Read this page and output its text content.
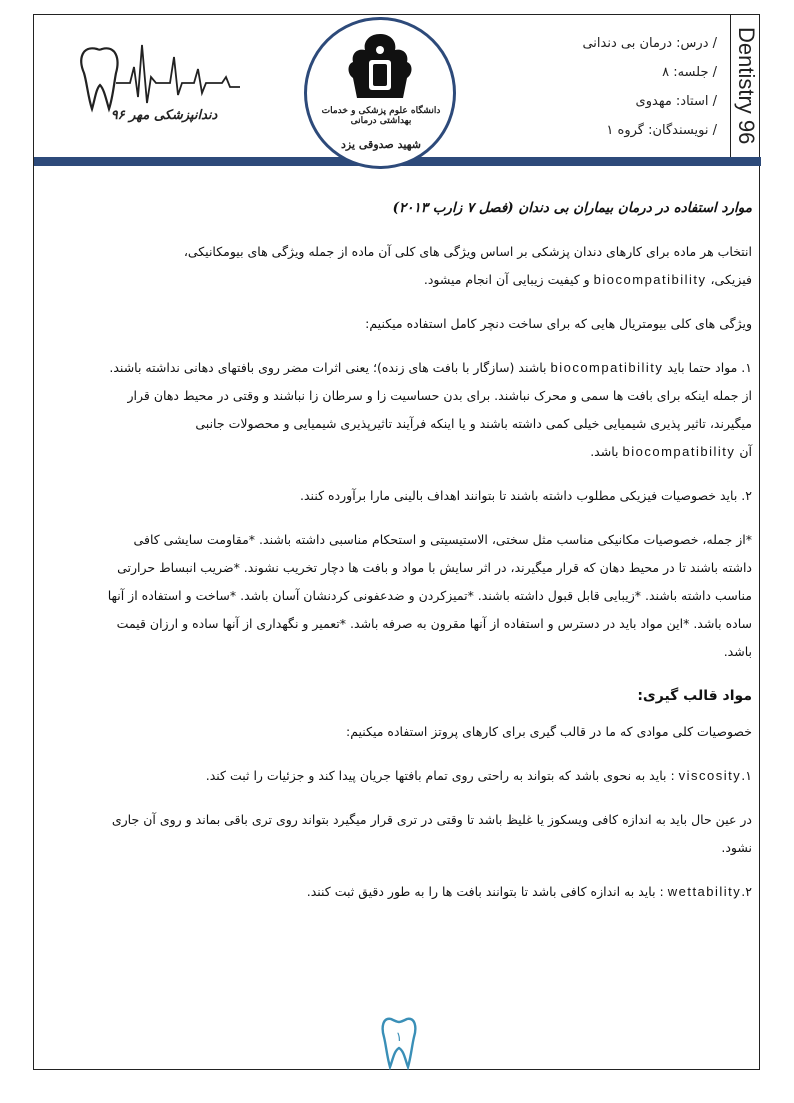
دندانپزشکی مهر ۹۶	دانشگاه علوم پزشکی و خدمات بهداشتی درمانی
شهید صدوقی یزد
/ درس: درمان بی دندانی
/ جلسه: ۸
/ استاد: مهدوی
/ نویسندگان: گروه ۱	Dentistry 96

موارد استفاده در درمان بیماران بی دندان (فصل ۷ زارب ۲۰۱۳)

انتخاب هر ماده برای کارهای دندان پزشکی بر اساس ویژگی های کلی آن ماده از جمله ویژگی های بیومکانیکی،

فیزیکی، biocompatibility و کیفیت زیبایی آن انجام میشود.

ویژگی های کلی بیومتریال هایی که برای ساخت دنچر کامل استفاده میکنیم:

۱. مواد حتما باید biocompatibility باشند (سازگار با بافت های زنده)؛ یعنی اثرات مضر روی بافتهای دهانی نداشته باشند.

از جمله اینکه برای بافت ها سمی و محرک نباشند. برای بدن حساسیت زا و سرطان زا نباشند و وقتی در محیط دهان قرار

میگیرند، تاثیر پذیری شیمیایی خیلی کمی داشته باشند و یا اینکه فرآیند تاثیرپذیری شیمیایی و محصولات جانبی

آن biocompatibility باشد.

۲. باید خصوصیات فیزیکی مطلوب داشته باشند تا بتوانند اهداف بالینی مارا برآورده کنند.

*از جمله، خصوصیات مکانیکی مناسب مثل سختی، الاستیسیتی و استحکام مناسبی داشته باشند. *مقاومت سایشی کافی

داشته باشند تا در محیط دهان که قرار میگیرند، در اثر سایش با مواد و بافت ها دچار تخریب نشوند. *ضریب انبساط حرارتی

مناسب داشته باشند. *زیبایی قابل قبول داشته باشند. *تمیزکردن و ضدعفونی کردنشان آسان باشد. *ساخت و استفاده از آنها

ساده باشد. *این مواد باید در دسترس و استفاده از آنها مقرون به صرفه باشد. *تعمیر و نگهداری از آنها ساده و ارزان قیمت

باشد.

مواد قالب گیری:

خصوصیات کلی موادی که ما در قالب گیری برای کارهای پروتز استفاده میکنیم:

۱.viscosity : باید به نحوی باشد که بتواند به راحتی روی تمام بافتها جریان پیدا کند و جزئیات را ثبت کند.

در عین حال باید به اندازه کافی ویسکوز یا غلیظ باشد تا وقتی در تری قرار میگیرد بتواند روی تری باقی بماند و روی آن جاری

نشود.

۲.wettability : باید به اندازه کافی باشد تا بتوانند بافت ها را به طور دقیق ثبت کنند.

۱
